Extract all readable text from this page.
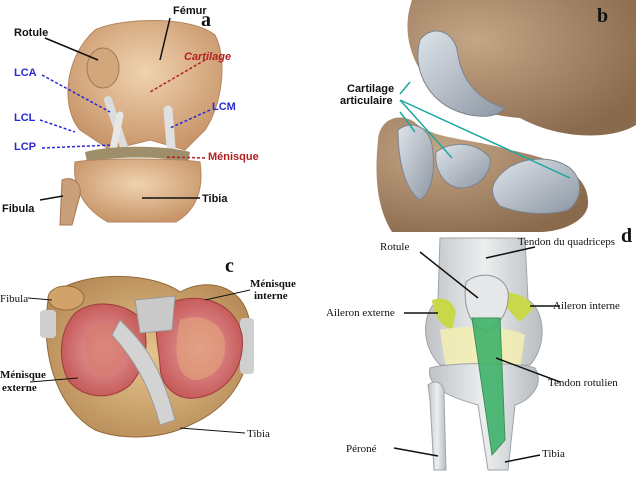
Fémur
Rotule
Cartilage
LCA
LCL
LCM
LCP
Ménisque
Fibula
Tibia
a
Cartilage
articulaire
b
Fibula
Ménisque
interne
Ménisque
externe
Tibia
c
Rotule	Tendon du quadriceps
Aileron externe
Aileron interne
Tendon rotulien
Péroné	Tibia
d
